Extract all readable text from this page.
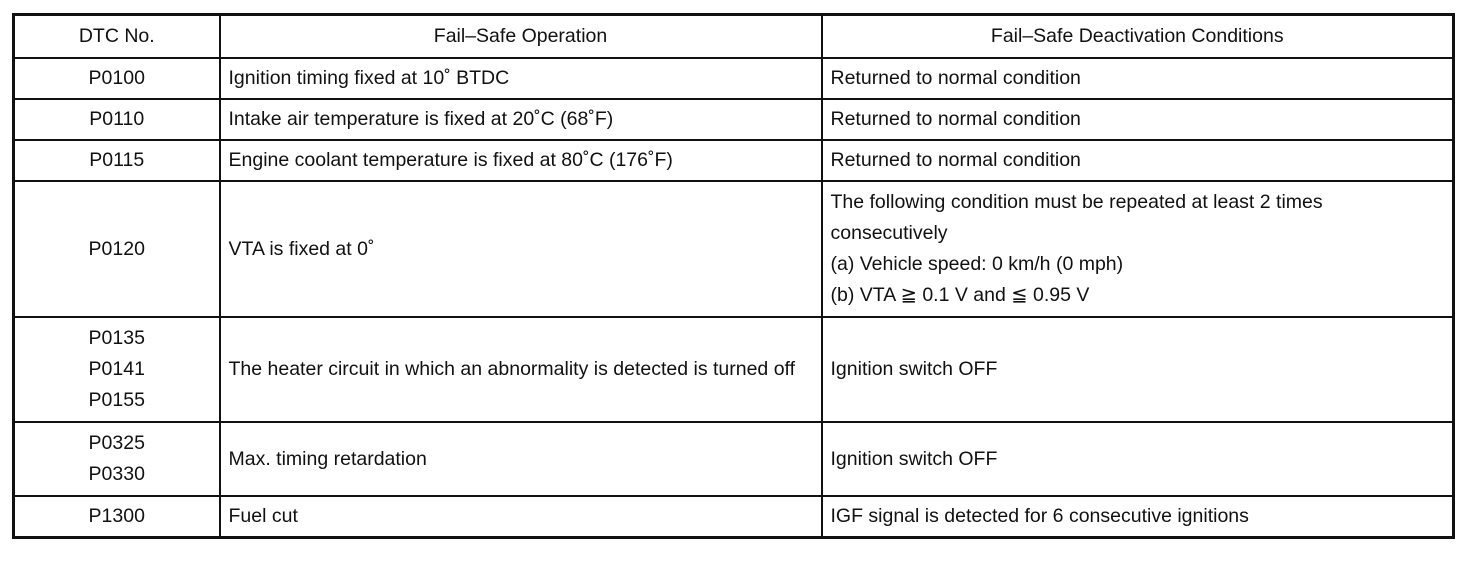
DTC No.	Fail–Safe Operation	Fail–Safe Deactivation Conditions

P0100	Ignition timing fixed at 10˚ BTDC	Returned to normal condition

P0110	Intake air temperature is fixed at 20˚C (68˚F)	Returned to normal condition

P0115	Engine coolant temperature is fixed at 80˚C (176˚F)	Returned to normal condition

P0120	VTA is fixed at 0˚	The following condition must be repeated at least 2 times consecutively
(a) Vehicle speed: 0 km/h (0 mph)
(b) VTA ≧ 0.1 V and ≦ 0.95 V

P0135
P0141
P0155	The heater circuit in which an abnormality is detected is turned off	Ignition switch OFF

P0325
P0330	Max. timing retardation	Ignition switch OFF

P1300	Fuel cut	IGF signal is detected for 6 consecutive ignitions
